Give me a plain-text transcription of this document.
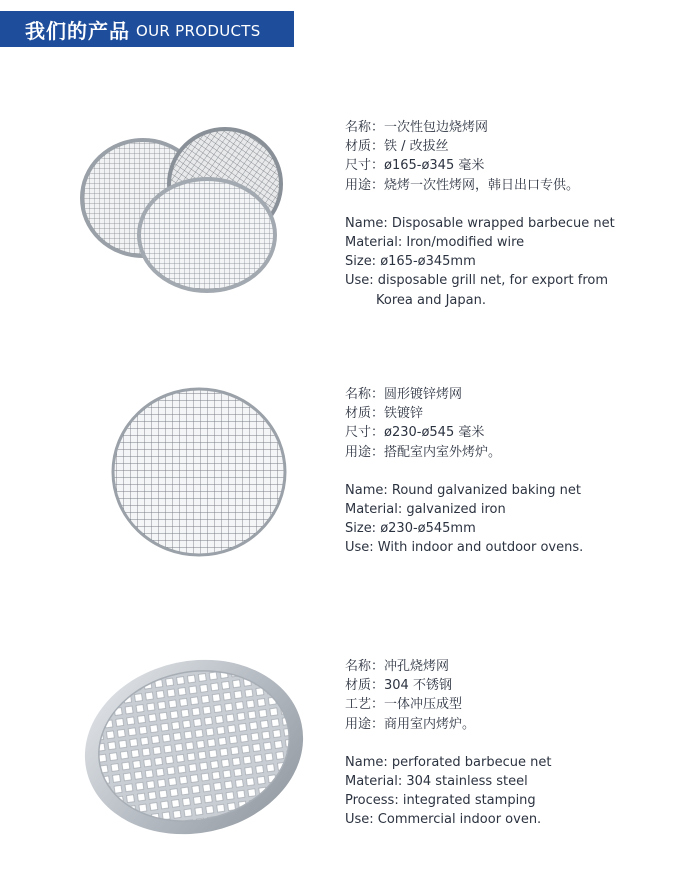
我们的产品 OUR PRODUCTS
名称：一次性包边烧烤网
材质：铁 / 改拔丝
尺寸：ø165-ø345 毫米
用途：烧烤一次性烤网，韩日出口专供。
Name: Disposable wrapped barbecue net
Material: Iron/modified wire
Size: ø165-ø345mm
Use: disposable grill net, for export from
Korea and Japan.
名称：圆形镀锌烤网
材质：铁镀锌
尺寸：ø230-ø545 毫米
用途：搭配室内室外烤炉。
Name: Round galvanized baking net
Material: galvanized iron
Size: ø230-ø545mm
Use: With indoor and outdoor ovens.
名称：冲孔烧烤网
材质：304 不锈钢
工艺：一体冲压成型
用途：商用室内烤炉。
Name: perforated barbecue net
Material: 304 stainless steel
Process: integrated stamping
Use: Commercial indoor oven.
